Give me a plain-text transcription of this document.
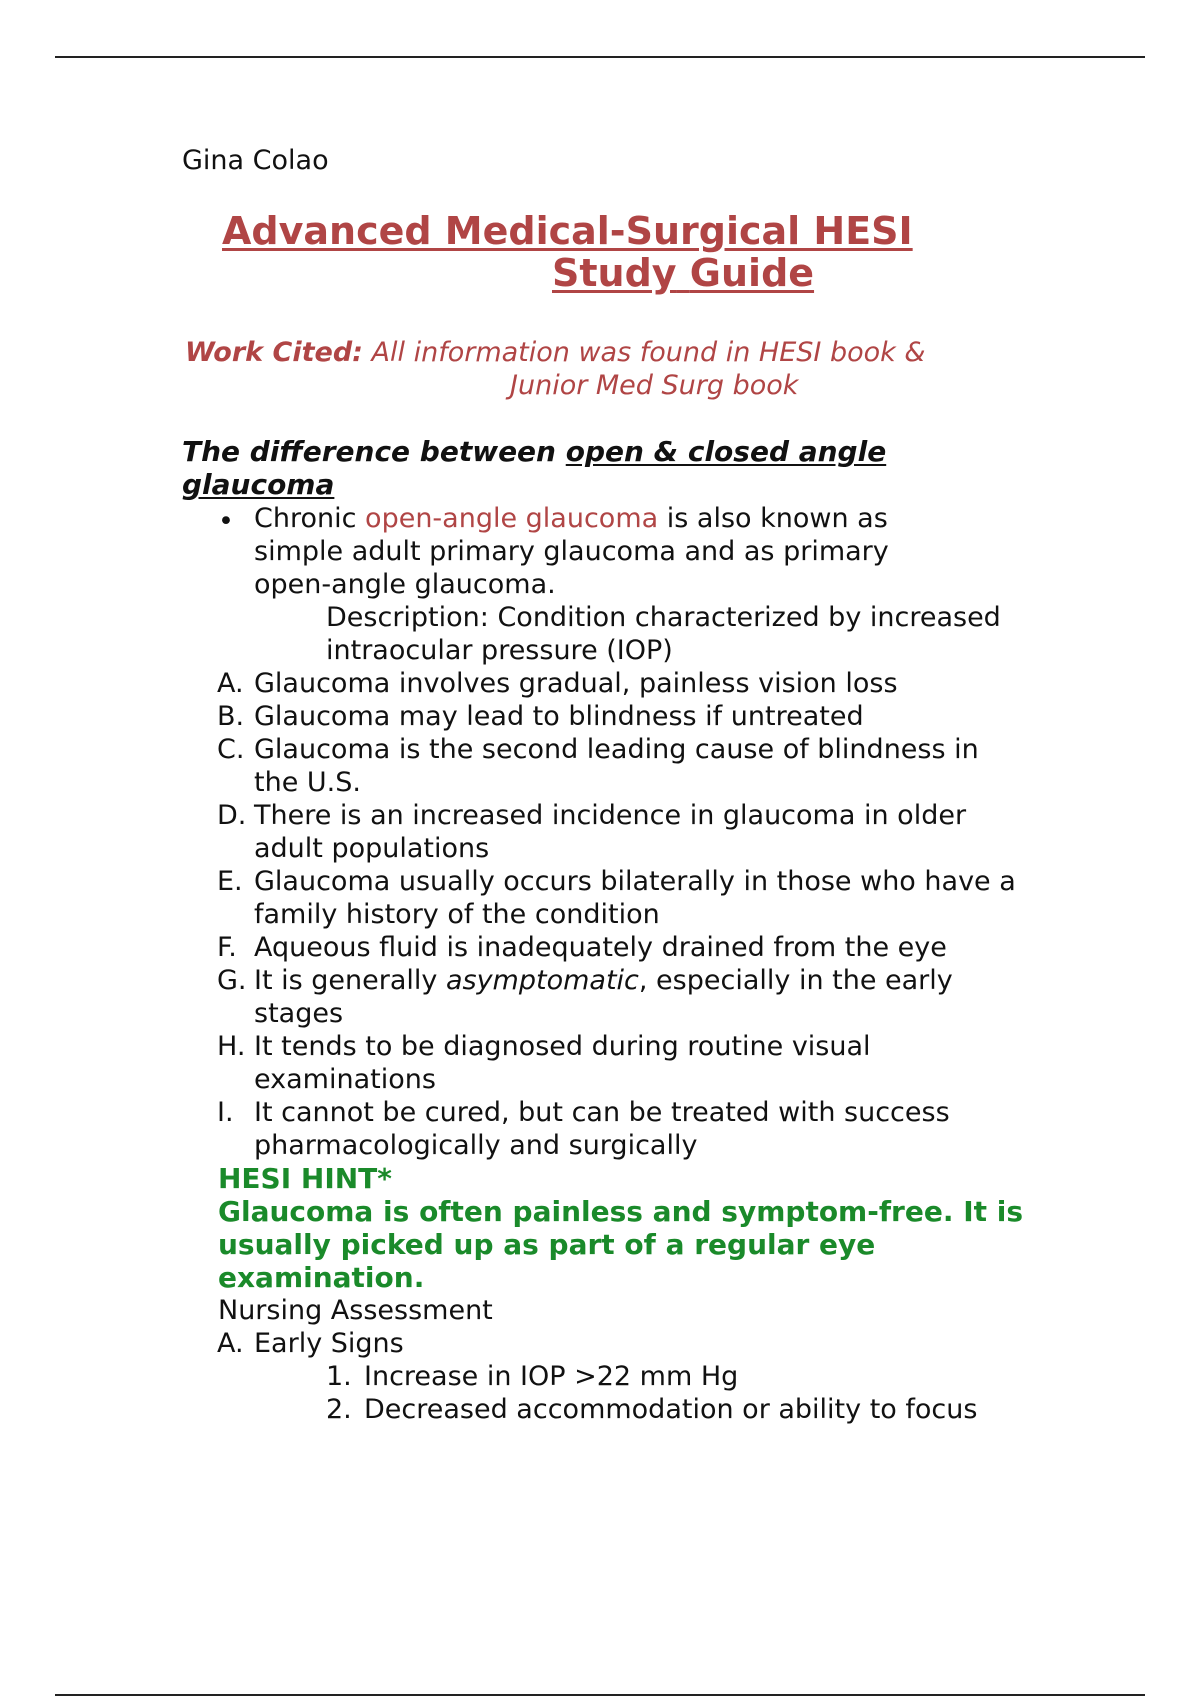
Gina Colao
Advanced Medical-Surgical HESI
Study Guide
Work Cited: All information was found in HESI book &
Junior Med Surg book
The difference between open & closed angle
glaucoma
• Chronic open-angle glaucoma is also known as
simple adult primary glaucoma and as primary
open-angle glaucoma.
Description: Condition characterized by increased
intraocular pressure (IOP)
A. Glaucoma involves gradual, painless vision loss
B. Glaucoma may lead to blindness if untreated
C. Glaucoma is the second leading cause of blindness in
the U.S.
D. There is an increased incidence in glaucoma in older
adult populations
E. Glaucoma usually occurs bilaterally in those who have a
family history of the condition
F. Aqueous fluid is inadequately drained from the eye
G. It is generally asymptomatic, especially in the early
stages
H. It tends to be diagnosed during routine visual
examinations
I. It cannot be cured, but can be treated with success
pharmacologically and surgically
HESI HINT*
Glaucoma is often painless and symptom-free. It is
usually picked up as part of a regular eye
examination.
Nursing Assessment
A. Early Signs
1. Increase in IOP >22 mm Hg
2. Decreased accommodation or ability to focus
